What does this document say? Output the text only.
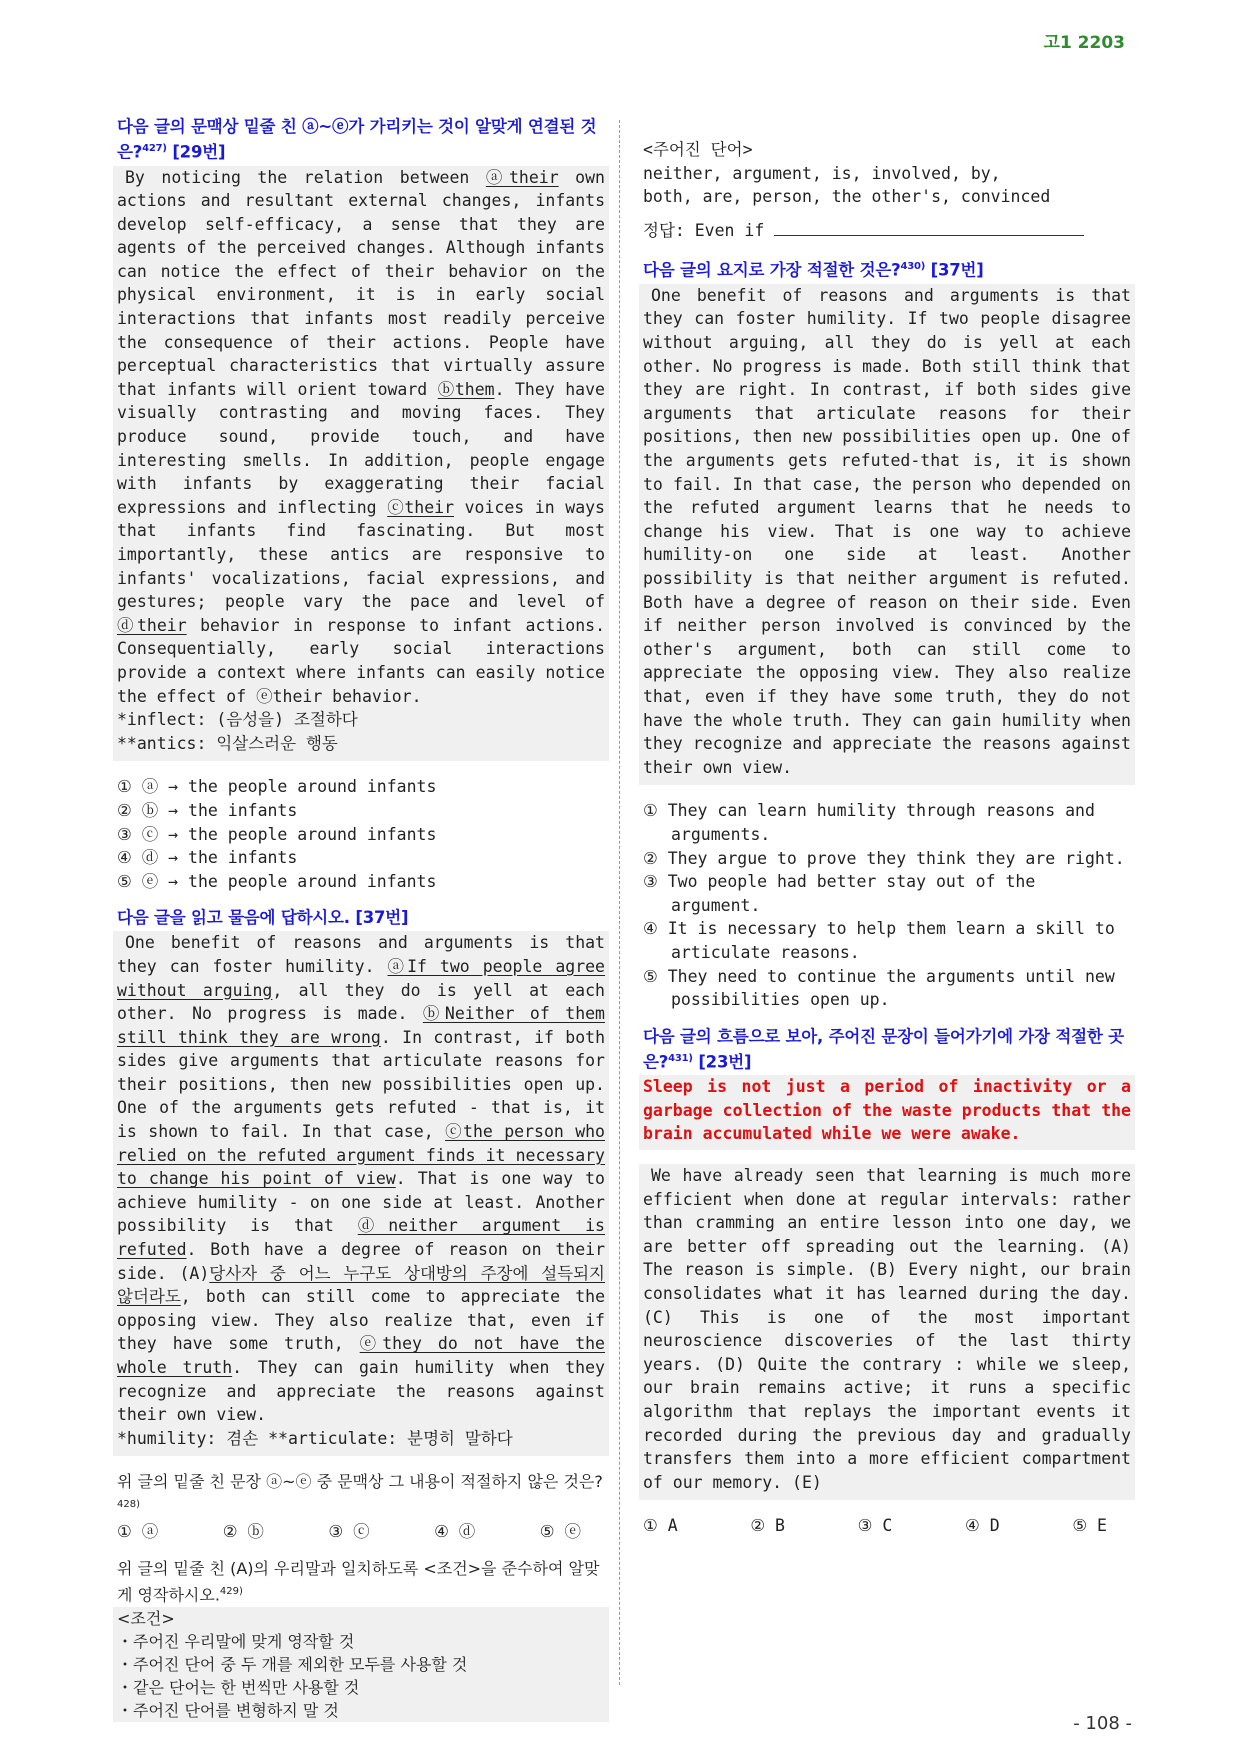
고1 2203
다음 글의 문맥상 밑줄 친 ⓐ~ⓔ가 가리키는 것이 알맞게 연결된 것은?$^{427)}$ [29번]
By noticing the relation between ⓐtheir own actions and resultant external changes, infants develop self-efficacy, a sense that they are agents of the perceived changes. Although infants can notice the effect of their behavior on the physical environment, it is in early social interactions that infants most readily perceive the consequence of their actions. People have perceptual characteristics that virtually assure that infants will orient toward ⓑthem. They have visually contrasting and moving faces. They produce sound, provide touch, and have interesting smells. In addition, people engage with infants by exaggerating their facial expressions and inflecting ⓒtheir voices in ways that infants find fascinating. But most importantly, these antics are responsive to infants' vocalizations, facial expressions, and gestures; people vary the pace and level of ⓓtheir behavior in response to infant actions. Consequentially, early social interactions provide a context where infants can easily notice the effect of ⓔtheir behavior.
*inflect: (음성을) 조절하다
**antics: 익살스러운 행동
① ⓐ → the people around infants
② ⓑ → the infants
③ ⓒ → the people around infants
④ ⓓ → the infants
⑤ ⓔ → the people around infants
다음 글을 읽고 물음에 답하시오. [37번]
One benefit of reasons and arguments is that they can foster humility. ⓐIf two people agree without arguing, all they do is yell at each other. No progress is made. ⓑNeither of them still think they are wrong. In contrast, if both sides give arguments that articulate reasons for their positions, then new possibilities open up. One of the arguments gets refuted - that is, it is shown to fail. In that case, ⓒthe person who relied on the refuted argument finds it necessary to change his point of view. That is one way to achieve humility - on one side at least. Another possibility is that ⓓneither argument is refuted. Both have a degree of reason on their side. (A)당사자 중 어느 누구도 상대방의 주장에 설득되지 않더라도, both can still come to appreciate the opposing view. They also realize that, even if they have some truth, ⓔthey do not have the whole truth. They can gain humility when they recognize and appreciate the reasons against their own view.
*humility: 겸손 **articulate: 분명히 말하다
위 글의 밑줄 친 문장 ⓐ~ⓔ 중 문맥상 그 내용이 적절하지 않은 것은?$^{428)}$
① ⓐ	② ⓑ	③ ⓒ	④ ⓓ	⑤ ⓔ
위 글의 밑줄 친 (A)의 우리말과 일치하도록 <조건>을 준수하여 알맞게 영작하시오.$^{429)}$
<조건>
・주어진 우리말에 맞게 영작할 것
・주어진 단어 중 두 개를 제외한 모두를 사용할 것
・같은 단어는 한 번씩만 사용할 것
・주어진 단어를 변형하지 말 것
<주어진 단어>
neither, argument, is, involved, by,
both, are, person, the other's, convinced
정답: Even if
다음 글의 요지로 가장 적절한 것은?$^{430)}$ [37번]
One benefit of reasons and arguments is that they can foster humility. If two people disagree without arguing, all they do is yell at each other. No progress is made. Both still think that they are right. In contrast, if both sides give arguments that articulate reasons for their positions, then new possibilities open up. One of the arguments gets refuted-that is, it is shown to fail. In that case, the person who depended on the refuted argument learns that he needs to change his view. That is one way to achieve humility-on one side at least. Another possibility is that neither argument is refuted. Both have a degree of reason on their side. Even if neither person involved is convinced by the other's argument, both can still come to appreciate the opposing view. They also realize that, even if they have some truth, they do not have the whole truth. They can gain humility when they recognize and appreciate the reasons against their own view.
① They can learn humility through reasons and arguments.
② They argue to prove they think they are right.
③ Two people had better stay out of the argument.
④ It is necessary to help them learn a skill to articulate reasons.
⑤ They need to continue the arguments until new possibilities open up.
다음 글의 흐름으로 보아, 주어진 문장이 들어가기에 가장 적절한 곳은?$^{431)}$ [23번]
Sleep is not just a period of inactivity or a garbage collection of the waste products that the brain accumulated while we were awake.
We have already seen that learning is much more efficient when done at regular intervals: rather than cramming an entire lesson into one day, we are better off spreading out the learning. (A) The reason is simple. (B) Every night, our brain consolidates what it has learned during the day. (C) This is one of the most important neuroscience discoveries of the last thirty years. (D) Quite the contrary : while we sleep, our brain remains active; it runs a specific algorithm that replays the important events it recorded during the previous day and gradually transfers them into a more efficient compartment of our memory. (E)
① A	② B	③ C	④ D	⑤ E
- 108 -
